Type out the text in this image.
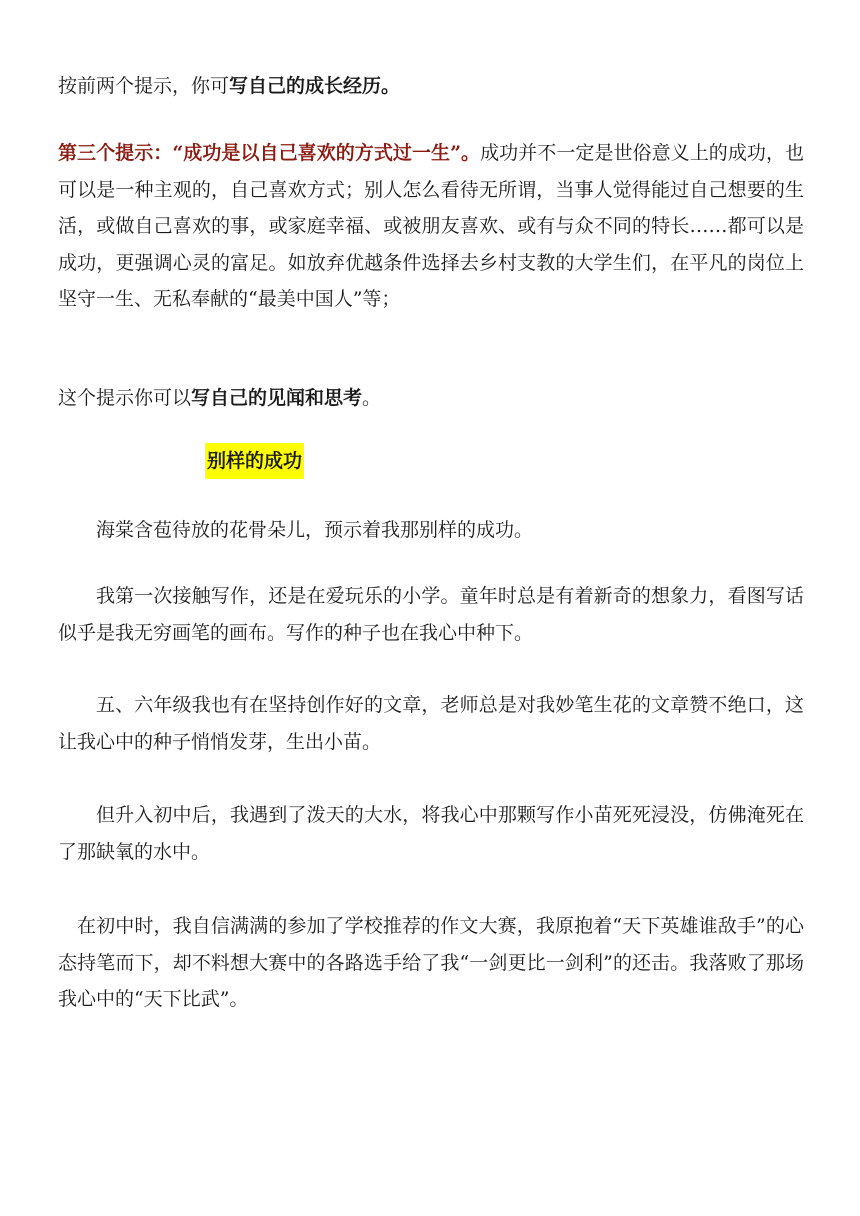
按前两个提示，你可写自己的成长经历。
第三个提示：“成功是以自己喜欢的方式过一生”。成功并不一定是世俗意义上的成功，也可以是一种主观的，自己喜欢方式；别人怎么看待无所谓，当事人觉得能过自己想要的生活，或做自己喜欢的事，或家庭幸福、或被朋友喜欢、或有与众不同的特长……都可以是成功，更强调心灵的富足。如放弃优越条件选择去乡村支教的大学生们，在平凡的岗位上坚守一生、无私奉献的“最美中国人”等；
这个提示你可以写自己的见闻和思考。
别样的成功
海棠含苞待放的花骨朵儿，预示着我那别样的成功。
我第一次接触写作，还是在爱玩乐的小学。童年时总是有着新奇的想象力，看图写话似乎是我无穷画笔的画布。写作的种子也在我心中种下。
五、六年级我也有在坚持创作好的文章，老师总是对我妙笔生花的文章赞不绝口，这让我心中的种子悄悄发芽，生出小苗。
但升入初中后，我遇到了泼天的大水，将我心中那颗写作小苗死死浸没，仿佛淹死在了那缺氧的水中。
在初中时，我自信满满的参加了学校推荐的作文大赛，我原抱着“天下英雄谁敌手”的心态持笔而下，却不料想大赛中的各路选手给了我“一剑更比一剑利”的还击。我落败了那场我心中的“天下比武”。
